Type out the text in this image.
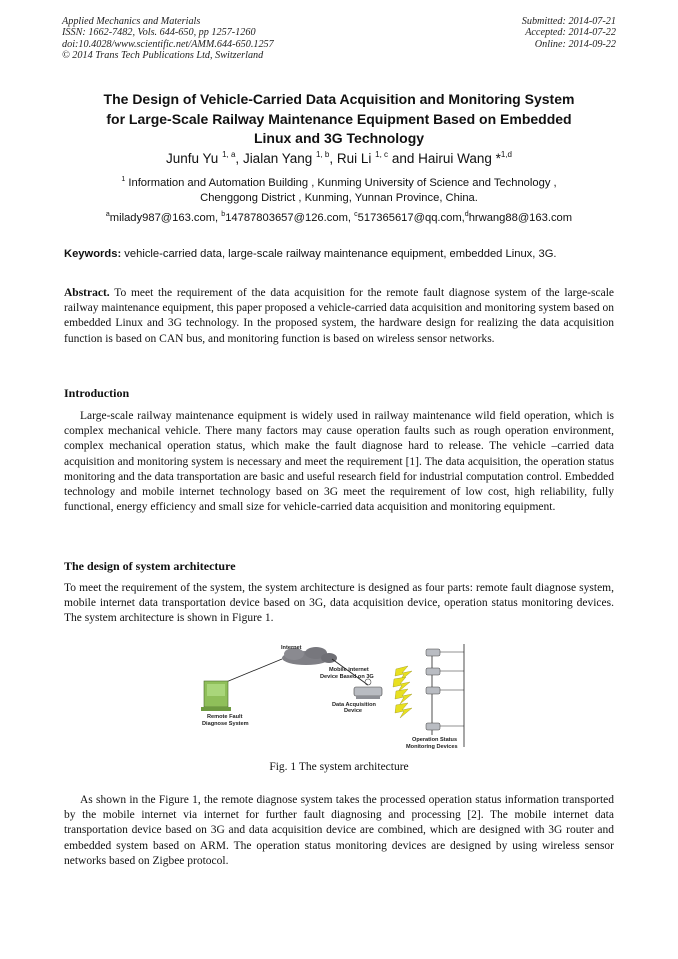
Applied Mechanics and Materials
ISSN: 1662-7482, Vols. 644-650, pp 1257-1260
doi:10.4028/www.scientific.net/AMM.644-650.1257
© 2014 Trans Tech Publications Ltd, Switzerland
Submitted: 2014-07-21
Accepted: 2014-07-22
Online: 2014-09-22
The Design of Vehicle-Carried Data Acquisition and Monitoring System
for Large-Scale Railway Maintenance Equipment Based on Embedded
Linux and 3G Technology
Junfu Yu $^{1, a}$, Jialan Yang $^{1, b}$, Rui Li $^{1, c}$ and Hairui Wang *$^{1,d}$
$^1$ Information and Automation Building , Kunming University of Science and Technology ,
Chenggong District , Kunming, Yunnan Province, China.
$^a$milady987@163.com, $^b$14787803657@126.com, $^c$517365617@qq.com,$^d$hrwang88@163.com
Keywords: vehicle-carried data, large-scale railway maintenance equipment, embedded Linux, 3G.
Abstract. To meet the requirement of the data acquisition for the remote fault diagnose system of the large-scale railway maintenance equipment, this paper proposed a vehicle-carried data acquisition and monitoring system based on embedded Linux and 3G technology. In the proposed system, the hardware design for realizing the data acquisition function is based on CAN bus, and monitoring function is based on wireless sensor networks.
Introduction
Large-scale railway maintenance equipment is widely used in railway maintenance wild field operation, which is complex mechanical vehicle. There many factors may cause operation faults such as rough operation environment, complex mechanical operation status, which make the fault diagnose hard to release. The vehicle –carried data acquisition and monitoring system is necessary and meet the requirement [1]. The data acquisition, the operation status monitoring and the data transportation are basic and useful research field for industrial computation control. Embedded technology and mobile internet technology based on 3G meet the requirement of low cost, high reliability, fully functional, energy efficiency and small size for vehicle-carried data acquisition and monitoring equipment.
The design of system architecture
To meet the requirement of the system, the system architecture is designed as four parts: remote fault diagnose system, mobile internet data transportation device based on 3G, data acquisition device, operation status monitoring devices. The system architecture is shown in Figure 1.
Internet
Remote Fault
Diagnose System
Mobile internet
Device Based on 3G
Data Acquisition
Device
Operation Status
Monitoring Devices
Fig. 1 The system architecture
As shown in the Figure 1, the remote diagnose system takes the processed operation status information transported by the mobile internet via internet for further fault diagnosing and processing [2]. The mobile internet data transportation device based on 3G and data acquisition device are combined, which are designed with 3G router and embedded system based on ARM. The operation status monitoring devices are designed by using wireless sensor networks based on Zigbee protocol.
